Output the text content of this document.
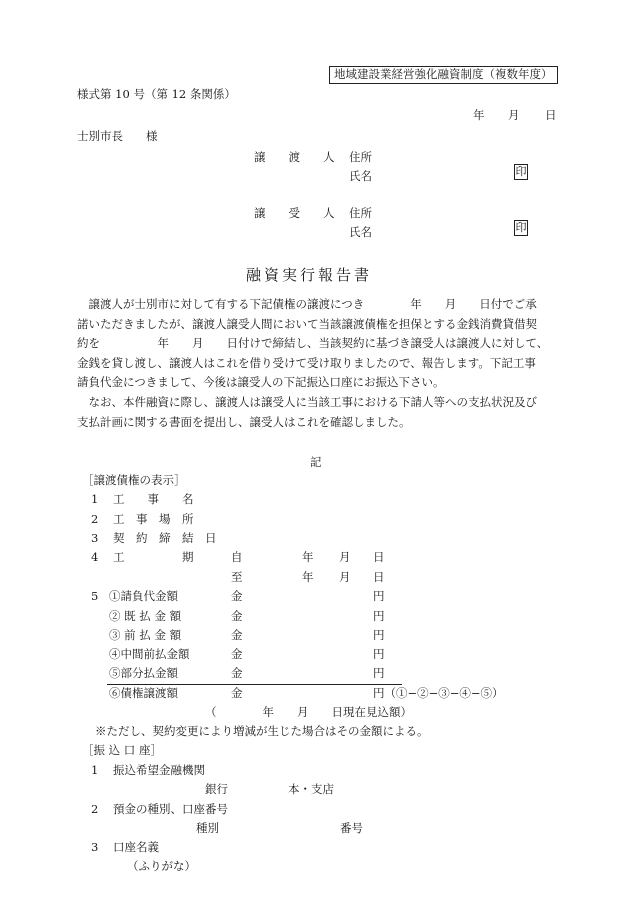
地域建設業経営強化融資制度（複数年度）
様式第 10 号（第 12 条関係）
年 月 日
士別市長　　様
譲　　渡　　人 住所
氏名	印
譲　　受　　人 住所
氏名	印
融資実行報告書
　譲渡人が士別市に対して有する下記債権の譲渡につき　　　　年　　月　　日付でご承
諾いただきましたが、譲渡人譲受人間において当該譲渡債権を担保とする金銭消費貸借契
約を　　　　　年　　月　　日付けで締結し、当該契約に基づき譲受人は譲渡人に対して、
金銭を貸し渡し、譲渡人はこれを借り受けて受け取りましたので、報告します。下記工事
請負代金につきまして、今後は譲受人の下記振込口座にお振込下さい。
　なお、本件融資に際し、譲渡人は譲受人に当該工事における下請人等への支払状況及び
支払計画に関する書面を提出し、譲受人はこれを確認しました。
記
［譲渡債権の表示］
1 工　　事　　名
2 工　事　場　所
3 契　約　締　結　日
4 工　　　　　期	自	年 月 日
至	年 月 日
5 ①請負代金額	金	円
② 既 払 金 額	金	円
③ 前 払 金 額	金	円
④中間前払金額	金	円
⑤部分払金額	金	円
⑥債権譲渡額	金	円（①−②−③−④−⑤）
（　　　　年　　月　　日現在見込額）
※ただし、契約変更により増減が生じた場合はその金額による。
［振 込 口 座］
1 振込希望金融機関
銀行	本・支店
2 預金の種別、口座番号
種別	番号
3 口座名義
（ふりがな）
